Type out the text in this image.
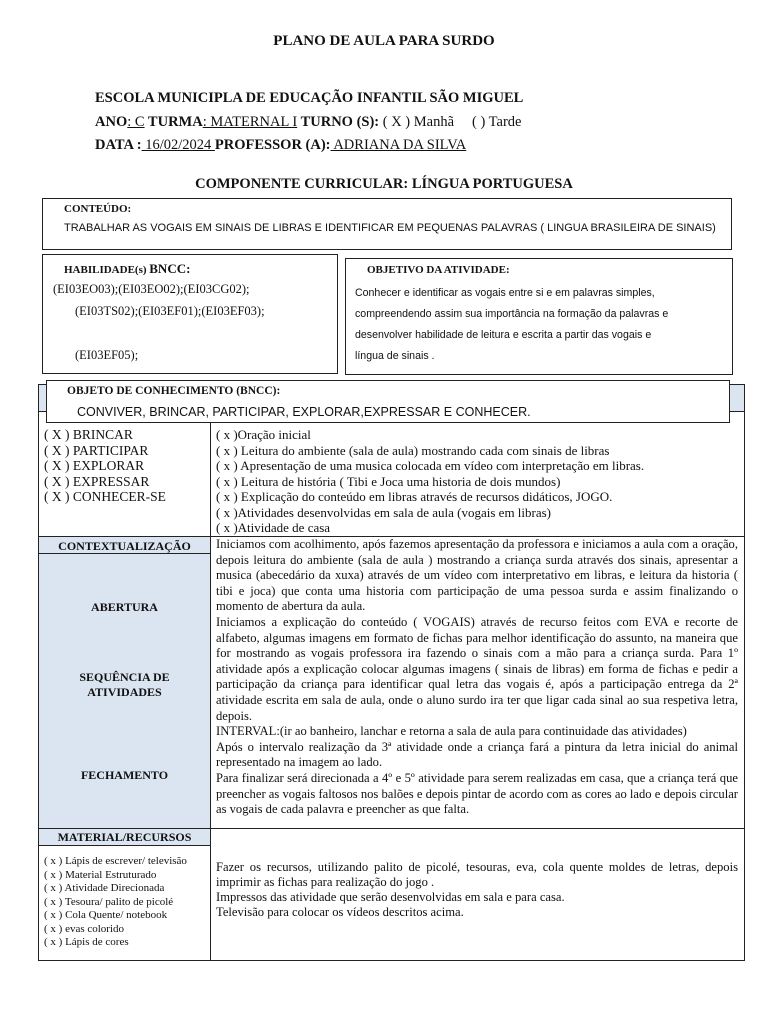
PLANO DE AULA PARA SURDO
ESCOLA MUNICIPLA DE EDUCAÇÃO INFANTIL SÃO MIGUEL
ANO: C TURMA: MATERNAL I TURNO (S): ( X ) Manhã ( ) Tarde
DATA : 16/02/2024 PROFESSOR (A): ADRIANA DA SILVA
COMPONENTE CURRICULAR: LÍNGUA PORTUGUESA
CONTEÚDO:
TRABALHAR AS VOGAIS EM SINAIS DE LIBRAS E IDENTIFICAR EM PEQUENAS PALAVRAS ( LINGUA BRASILEIRA DE SINAIS)
HABILIDADE(s) BNCC:
(EI03EO03);(EI03EO02);(EI03CG02);
(EI03TS02);(EI03EF01);(EI03EF03);
(EI03EF05);
OBJETIVO DA ATIVIDADE:
Conhecer e identificar as vogais entre si e em palavras simples,
compreendendo assim sua importância na formação da palavras e
desenvolver habilidade de leitura e escrita a partir das vogais e
língua de sinais .
OBJETO DE CONHECIMENTO (BNCC):
CONVIVER, BRINCAR, PARTICIPAR, EXPLORAR,EXPRESSAR E CONHECER.
( X ) BRINCAR
( X ) PARTICIPAR
( X ) EXPLORAR
( X ) EXPRESSAR
( X ) CONHECER-SE
( x )Oração inicial
( x ) Leitura do ambiente (sala de aula) mostrando cada com sinais de libras
( x ) Apresentação de uma musica colocada em vídeo com interpretação em libras.
( x ) Leitura de história ( Tibi e Joca uma historia de dois mundos)
( x ) Explicação do conteúdo em libras através de recursos didáticos, JOGO.
( x )Atividades desenvolvidas em sala de aula (vogais em libras)
( x )Atividade de casa
CONTEXTUALIZAÇÃO
ABERTURA
SEQUÊNCIA DE
ATIVIDADES
FECHAMENTO
MATERIAL/RECURSOS

Iniciamos com acolhimento, após fazemos apresentação da professora e iniciamos a aula com a oração, depois leitura do ambiente (sala de aula ) mostrando a criança surda através dos sinais, apresentar a musica (abecedário da xuxa) através de um vídeo com interpretativo em libras, e leitura da historia ( tibi e joca) que conta uma historia com participação de uma pessoa surda e assim finalizando o momento de abertura da aula.

Iniciamos a explicação do conteúdo ( VOGAIS) através de recurso feitos com EVA e recorte de alfabeto, algumas imagens em formato de fichas para melhor identificação do assunto, na maneira que for mostrando as vogais professora ira fazendo o sinais com a mão para a criança surda. Para 1º atividade após a explicação colocar algumas imagens ( sinais de libras) em forma de fichas e pedir a participação da criança para identificar qual letra das vogais é, após a participação entrega da 2ª atividade escrita em sala de aula, onde o aluno surdo ira ter que ligar cada sinal ao sua respetiva letra, depois.

INTERVAL:(ir ao banheiro, lanchar e retorna a sala de aula para continuidade das atividades)

Após o intervalo realização da 3ª atividade onde a criança fará a pintura da letra inicial do animal representado na imagem ao lado.

Para finalizar será direcionada a 4º e 5º atividade para serem realizadas em casa, que a criança terá que preencher as vogais faltosos nos balões e depois pintar de acordo com as cores ao lado e depois circular as vogais de cada palavra e preencher as que falta.

( x ) Lápis de escrever/ televisão
( x ) Material Estruturado
( x ) Atividade Direcionada
( x ) Tesoura/ palito de picolé
( x ) Cola Quente/ notebook
( x ) evas colorido
( x ) Lápis de cores

Fazer os recursos, utilizando palito de picolé, tesouras, eva, cola quente moldes de letras, depois imprimir as fichas para realização do jogo .

Impressos das atividade que serão desenvolvidas em sala e para casa.

Televisão para colocar os vídeos descritos acima.
